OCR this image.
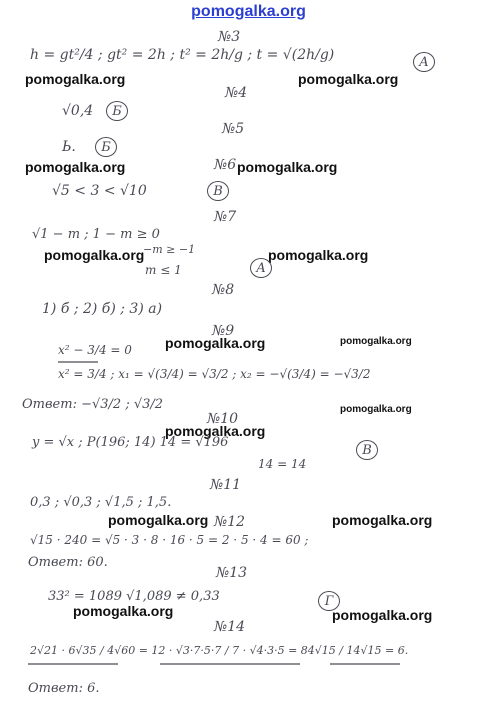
pomogalka.org
pomogalka.org	pomogalka.org
pomogalka.org	pomogalka.org
pomogalka.org	pomogalka.org
pomogalka.org	pomogalka.org
pomogalka.org
pomogalka.org
pomogalka.org	pomogalka.org
pomogalka.org	pomogalka.org
№3
h = gt²/4 ; gt² = 2h ; t² = 2h/g ; t = √(2h/g)	A
№4
√0,4	Б
№5
Ь.	Б
№6
√5 < 3 < √10	В
№7
√1 − m ; 1 − m ≥ 0
−m ≥ −1
m ≤ 1	А
№8
1) б ; 2) б) ; 3) а)
№9
x² − 3/4 = 0
x² = 3/4 ; x₁ = √(3/4) = √3/2 ; x₂ = −√(3/4) = −√3/2
Ответ: −√3/2 ; √3/2
№10
y = √x ; P(196; 14) 14 = √196
14 = 14
В
№11
0,3 ; √0,3 ; √1,5 ; 1,5.
№12
√15 · 240 = √5 · 3 · 8 · 16 · 5 = 2 · 5 · 4 = 60 ;
Ответ: 60.
№13
33² = 1089 √1,089 ≠ 0,33	Г
№14
2√21 · 6√35 / 4√60 = 12 · √3·7·5·7 / 7 · √4·3·5 = 84√15 / 14√15 = 6.
Ответ: 6.
